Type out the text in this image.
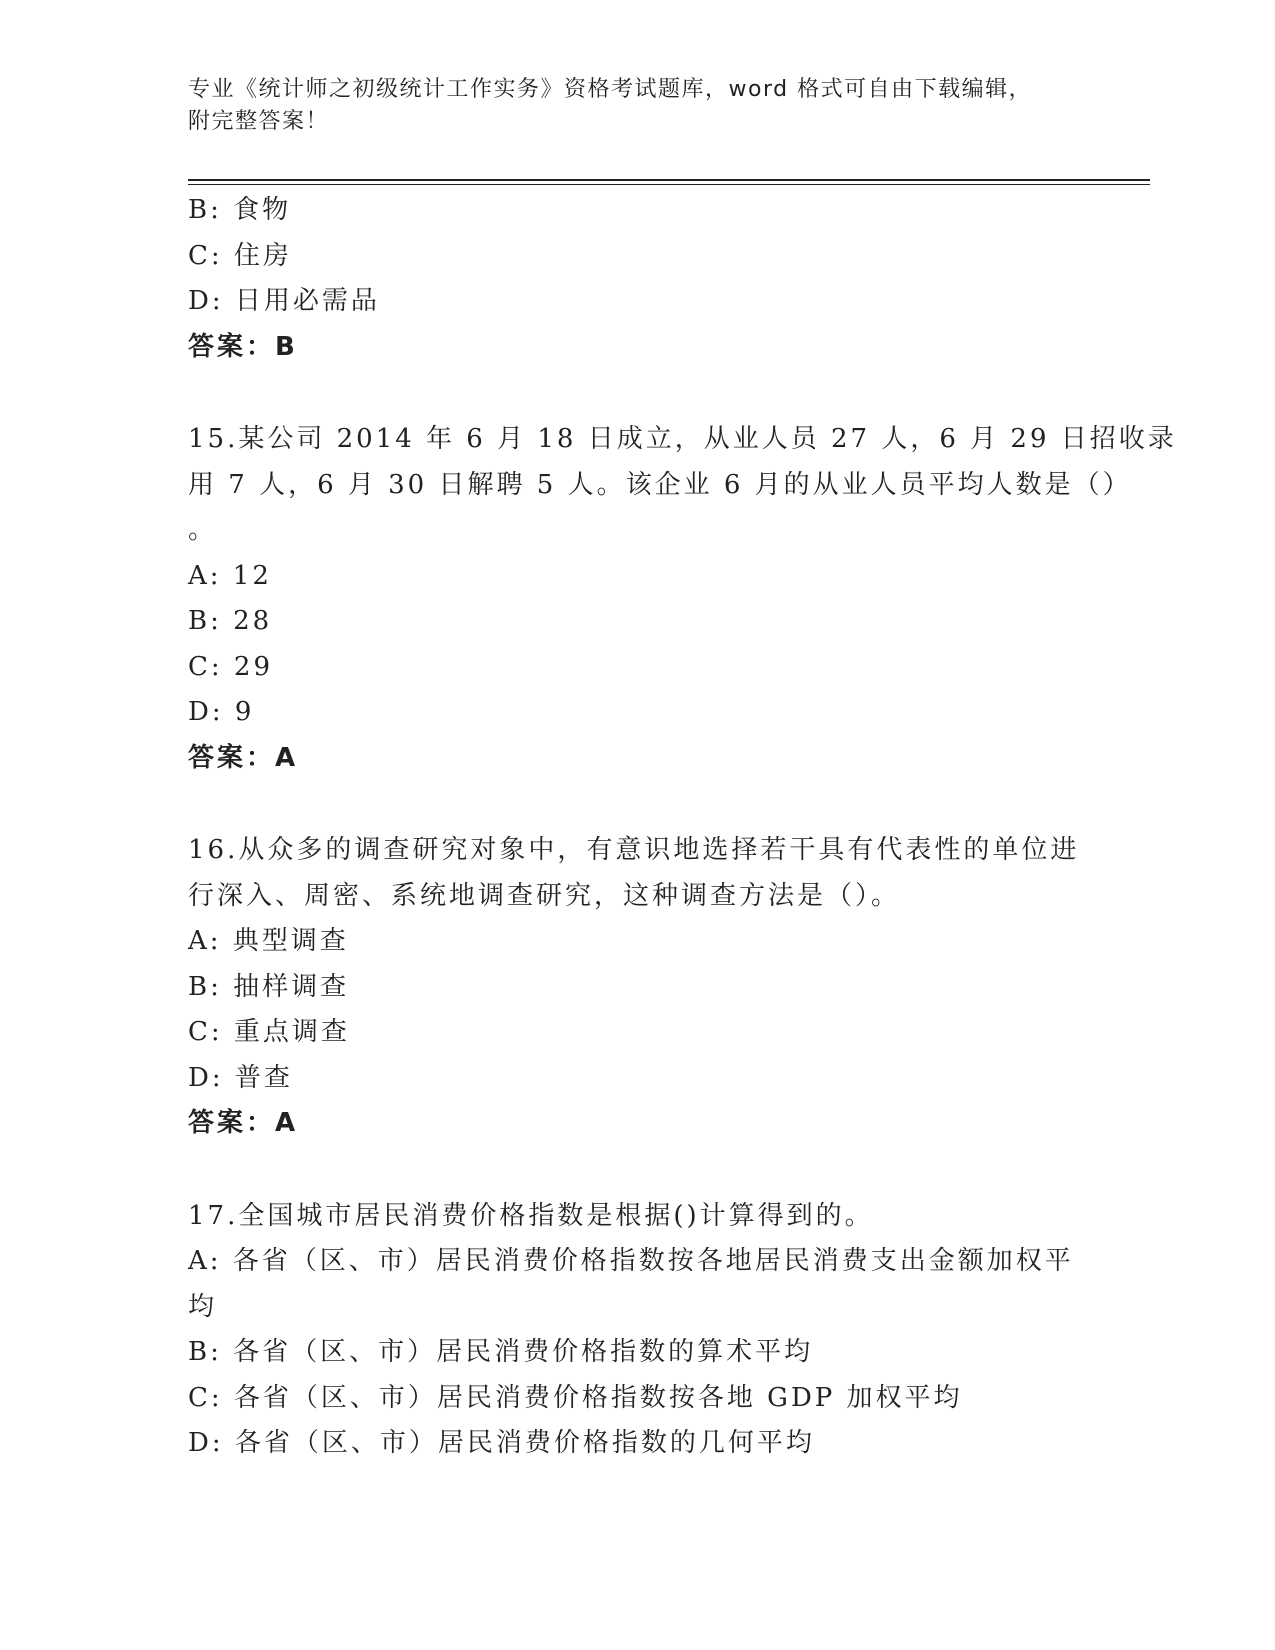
专业《统计师之初级统计工作实务》资格考试题库，word 格式可自由下载编辑，
附完整答案！
B: 食物
C: 住房
D: 日用必需品
答案：B
15.某公司 2014 年 6 月 18 日成立，从业人员 27 人，6 月 29 日招收录
用 7 人，6 月 30 日解聘 5 人。该企业 6 月的从业人员平均人数是（）
。
A: 12
B: 28
C: 29
D: 9
答案：A
16.从众多的调查研究对象中，有意识地选择若干具有代表性的单位进
行深入、周密、系统地调查研究，这种调查方法是（）。
A: 典型调查
B: 抽样调查
C: 重点调查
D: 普查
答案：A
17.全国城市居民消费价格指数是根据()计算得到的。
A: 各省（区、市）居民消费价格指数按各地居民消费支出金额加权平
均
B: 各省（区、市）居民消费价格指数的算术平均
C: 各省（区、市）居民消费价格指数按各地 GDP 加权平均
D: 各省（区、市）居民消费价格指数的几何平均
